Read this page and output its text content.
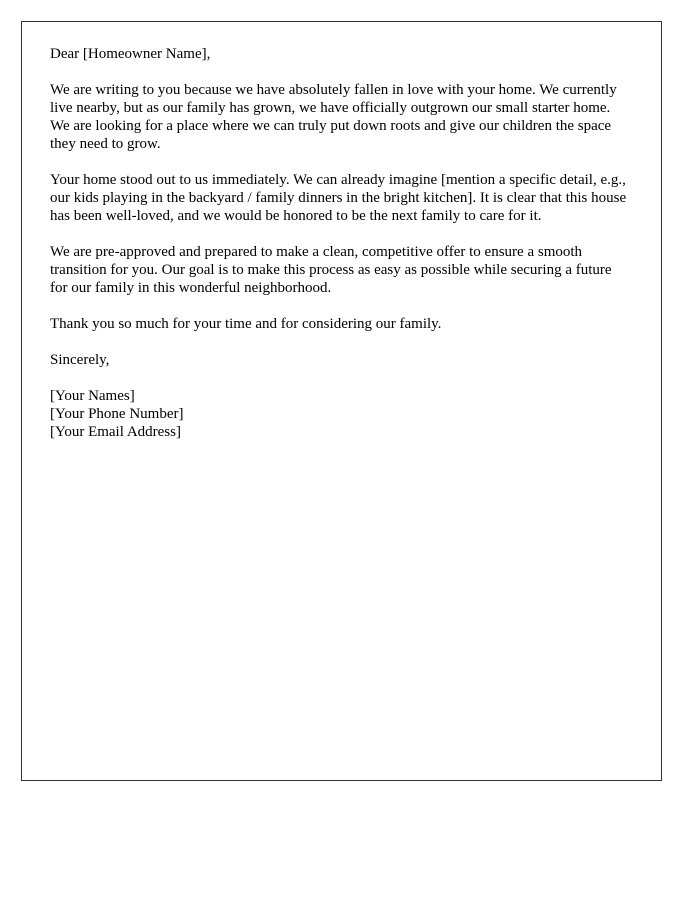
Dear [Homeowner Name],

We are writing to you because we have absolutely fallen in love with your home. We currently live nearby, but as our family has grown, we have officially outgrown our small starter home. We are looking for a place where we can truly put down roots and give our children the space they need to grow.

Your home stood out to us immediately. We can already imagine [mention a specific detail, e.g., our kids playing in the backyard / family dinners in the bright kitchen]. It is clear that this house has been well-loved, and we would be honored to be the next family to care for it.

We are pre-approved and prepared to make a clean, competitive offer to ensure a smooth transition for you. Our goal is to make this process as easy as possible while securing a future for our family in this wonderful neighborhood.

Thank you so much for your time and for considering our family.

Sincerely,

[Your Names]
[Your Phone Number]
[Your Email Address]
